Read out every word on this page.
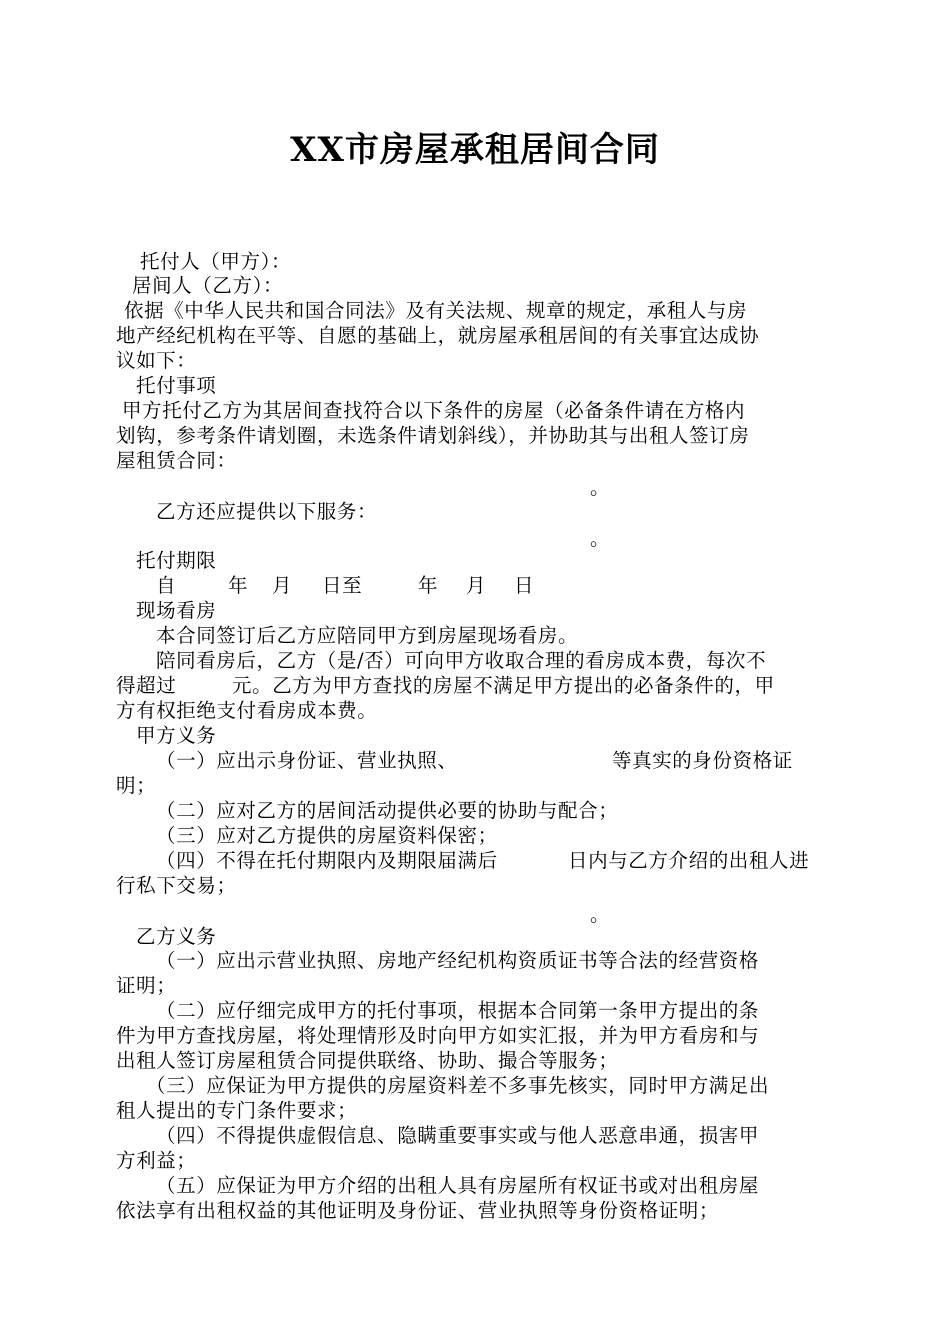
XX市房屋承租居间合同
托付人（甲方）：
居间人（乙方）：
依据《中华人民共和国合同法》及有关法规、规章的规定，承租人与房
地产经纪机构在平等、自愿的基础上，就房屋承租居间的有关事宜达成协
议如下：
托付事项
甲方托付乙方为其居间查找符合以下条件的房屋（必备条件请在方格内
划钩，参考条件请划圈，未选条件请划斜线），并协助其与出租人签订房
屋租赁合同：
。
乙方还应提供以下服务：
。
托付期限
自	年 月 日至	年 月 日
现场看房
本合同签订后乙方应陪同甲方到房屋现场看房。
陪同看房后，乙方（是/否）可向甲方收取合理的看房成本费，每次不
得超过	元。乙方为甲方查找的房屋不满足甲方提出的必备条件的，甲
方有权拒绝支付看房成本费。
甲方义务
（一）应出示身份证、营业执照、	等真实的身份资格证
明；
（二）应对乙方的居间活动提供必要的协助与配合；
（三）应对乙方提供的房屋资料保密；
（四）不得在托付期限内及期限届满后	日内与乙方介绍的出租人进
行私下交易；
。
乙方义务
（一）应出示营业执照、房地产经纪机构资质证书等合法的经营资格
证明；
（二）应仔细完成甲方的托付事项，根据本合同第一条甲方提出的条
件为甲方查找房屋，将处理情形及时向甲方如实汇报，并为甲方看房和与
出租人签订房屋租赁合同提供联络、协助、撮合等服务；
（三）应保证为甲方提供的房屋资料差不多事先核实，同时甲方满足出
租人提出的专门条件要求；
（四）不得提供虚假信息、隐瞒重要事实或与他人恶意串通，损害甲
方利益；
（五）应保证为甲方介绍的出租人具有房屋所有权证书或对出租房屋
依法享有出租权益的其他证明及身份证、营业执照等身份资格证明；
